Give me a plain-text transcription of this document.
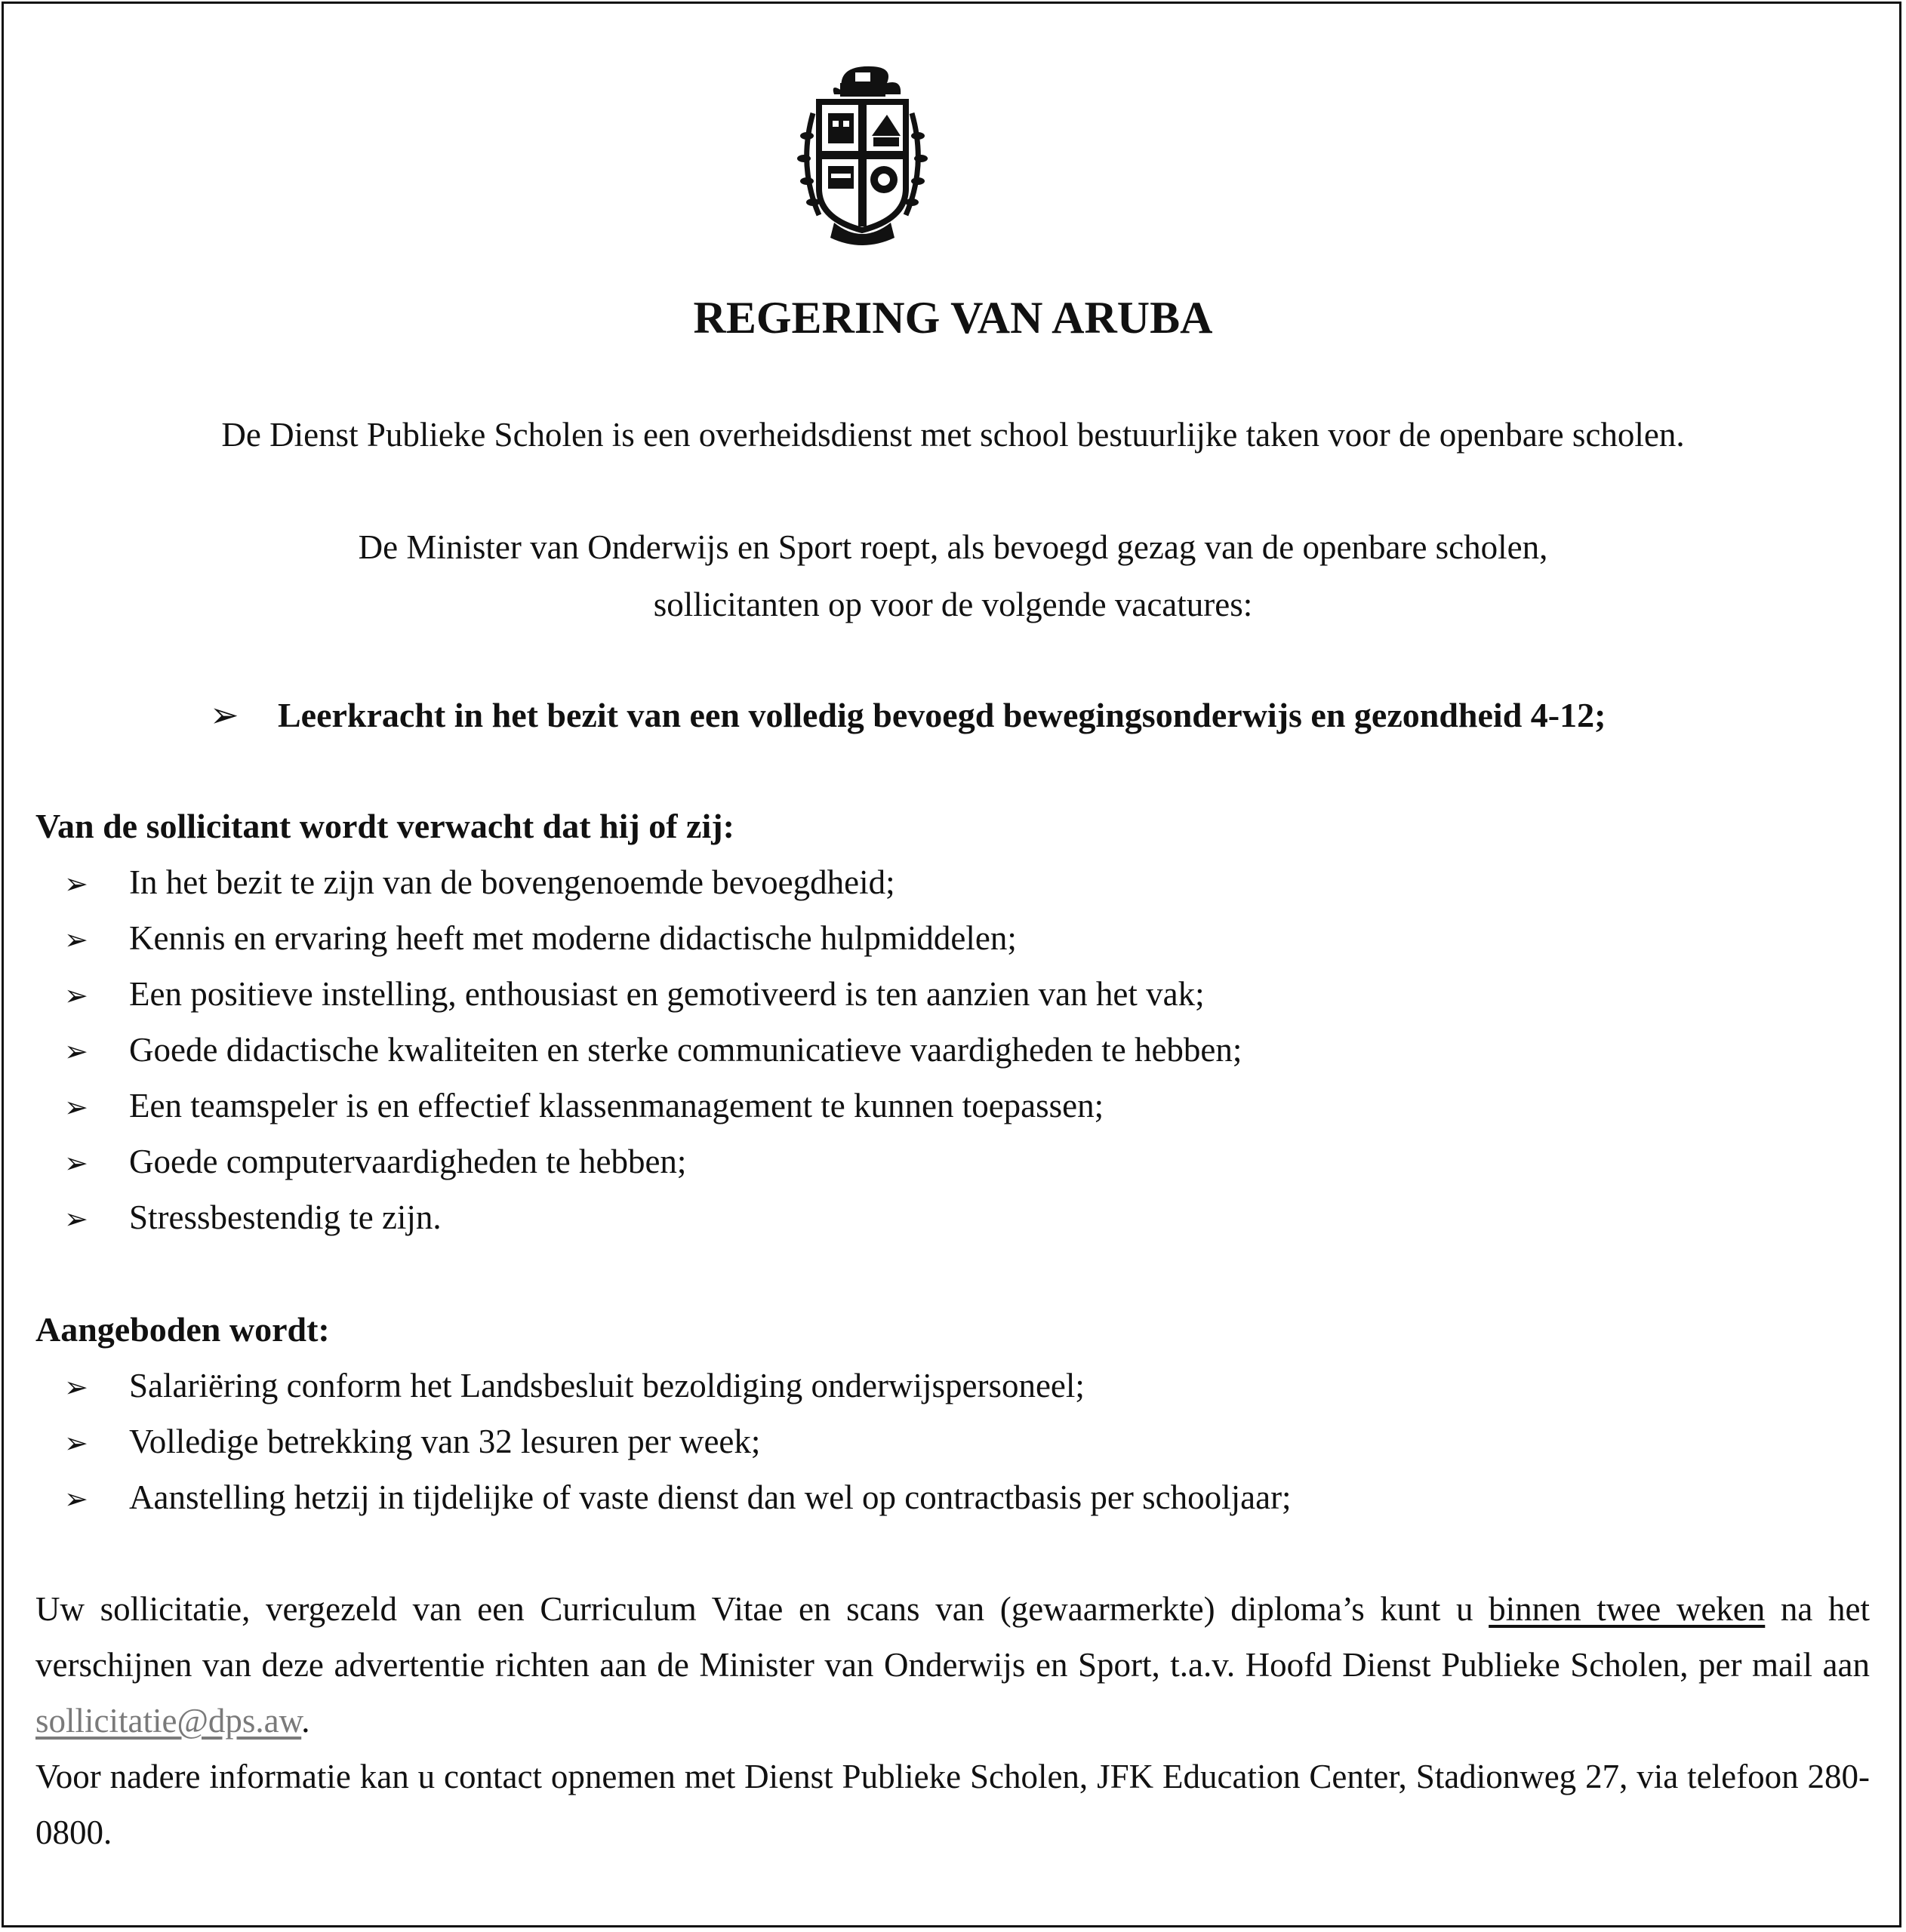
REGERING VAN ARUBA
De Dienst Publieke Scholen is een overheidsdienst met school bestuurlijke taken voor de openbare scholen.
De Minister van Onderwijs en Sport roept, als bevoegd gezag van de openbare scholen,
sollicitanten op voor de volgende vacatures:
➢ Leerkracht in het bezit van een volledig bevoegd bewegingsonderwijs en gezondheid 4-12;
Van de sollicitant wordt verwacht dat hij of zij:
➢ In het bezit te zijn van de bovengenoemde bevoegdheid;
➢ Kennis en ervaring heeft met moderne didactische hulpmiddelen;
➢ Een positieve instelling, enthousiast en gemotiveerd is ten aanzien van het vak;
➢ Goede didactische kwaliteiten en sterke communicatieve vaardigheden te hebben;
➢ Een teamspeler is en effectief klassenmanagement te kunnen toepassen;
➢ Goede computervaardigheden te hebben;
➢ Stressbestendig te zijn.
Aangeboden wordt:
➢ Salariëring conform het Landsbesluit bezoldiging onderwijspersoneel;
➢ Volledige betrekking van 32 lesuren per week;
➢ Aanstelling hetzij in tijdelijke of vaste dienst dan wel op contractbasis per schooljaar;
Uw sollicitatie, vergezeld van een Curriculum Vitae en scans van (gewaarmerkte) diploma’s kunt u binnen twee weken na het verschijnen van deze advertentie richten aan de Minister van Onderwijs en Sport, t.a.v. Hoofd Dienst Publieke Scholen, per mail aan sollicitatie@dps.aw.
Voor nadere informatie kan u contact opnemen met Dienst Publieke Scholen, JFK Education Center, Stadionweg 27, via telefoon 280-0800.
